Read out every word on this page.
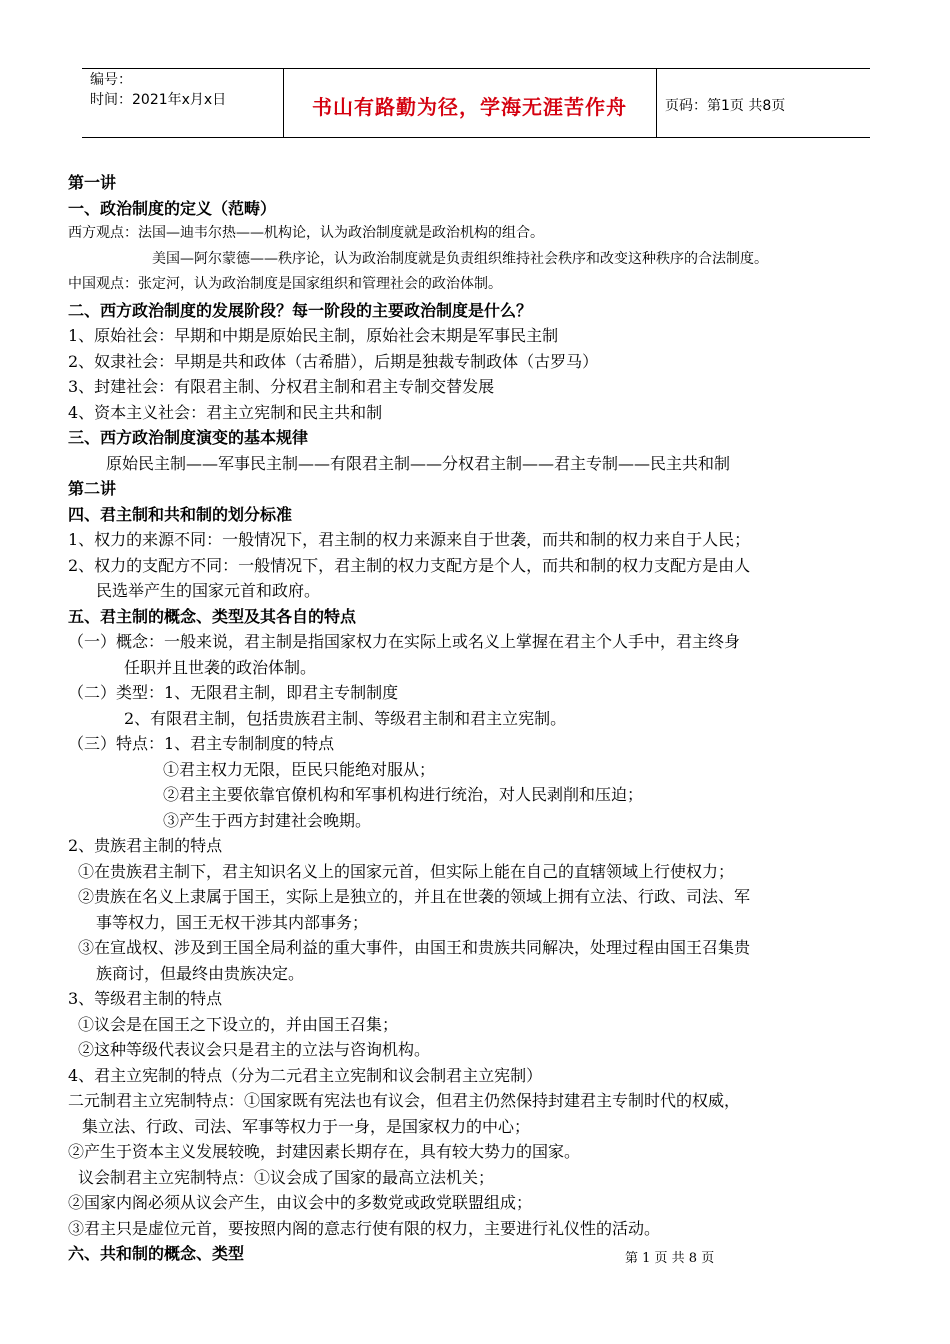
编号：
时间：2021年x月x日	书山有路勤为径，学海无涯苦作舟	页码：第1页 共8页
第一讲
一、政治制度的定义（范畴）
西方观点：法国—迪韦尔热——机构论，认为政治制度就是政治机构的组合。
美国—阿尔蒙德——秩序论，认为政治制度就是负责组织维持社会秩序和改变这种秩序的合法制度。
中国观点：张定河，认为政治制度是国家组织和管理社会的政治体制。
二、西方政治制度的发展阶段？每一阶段的主要政治制度是什么？
1、原始社会：早期和中期是原始民主制，原始社会末期是军事民主制
2、奴隶社会：早期是共和政体（古希腊），后期是独裁专制政体（古罗马）
3、封建社会：有限君主制、分权君主制和君主专制交替发展
4、资本主义社会：君主立宪制和民主共和制
三、西方政治制度演变的基本规律
原始民主制——军事民主制——有限君主制——分权君主制——君主专制——民主共和制
第二讲
四、君主制和共和制的划分标准
1、权力的来源不同：一般情况下，君主制的权力来源来自于世袭，而共和制的权力来自于人民；
2、权力的支配方不同：一般情况下，君主制的权力支配方是个人，而共和制的权力支配方是由人
民选举产生的国家元首和政府。
五、君主制的概念、类型及其各自的特点
（一）概念：一般来说，君主制是指国家权力在实际上或名义上掌握在君主个人手中，君主终身
任职并且世袭的政治体制。
（二）类型：1、无限君主制，即君主专制制度
2、有限君主制，包括贵族君主制、等级君主制和君主立宪制。
（三）特点：1、君主专制制度的特点
①君主权力无限，臣民只能绝对服从；
②君主主要依靠官僚机构和军事机构进行统治，对人民剥削和压迫；
③产生于西方封建社会晚期。
2、贵族君主制的特点
①在贵族君主制下，君主知识名义上的国家元首，但实际上能在自己的直辖领域上行使权力；
②贵族在名义上隶属于国王，实际上是独立的，并且在世袭的领域上拥有立法、行政、司法、军
事等权力，国王无权干涉其内部事务；
③在宣战权、涉及到王国全局利益的重大事件，由国王和贵族共同解决，处理过程由国王召集贵
族商讨，但最终由贵族决定。
3、等级君主制的特点
①议会是在国王之下设立的，并由国王召集；
②这种等级代表议会只是君主的立法与咨询机构。
4、君主立宪制的特点（分为二元君主立宪制和议会制君主立宪制）
二元制君主立宪制特点：①国家既有宪法也有议会，但君主仍然保持封建君主专制时代的权威，
集立法、行政、司法、军事等权力于一身，是国家权力的中心；
②产生于资本主义发展较晚，封建因素长期存在，具有较大势力的国家。
议会制君主立宪制特点：①议会成了国家的最高立法机关；
②国家内阁必须从议会产生，由议会中的多数党或政党联盟组成；
③君主只是虚位元首，要按照内阁的意志行使有限的权力，主要进行礼仪性的活动。
六、共和制的概念、类型	第 1 页 共 8 页
